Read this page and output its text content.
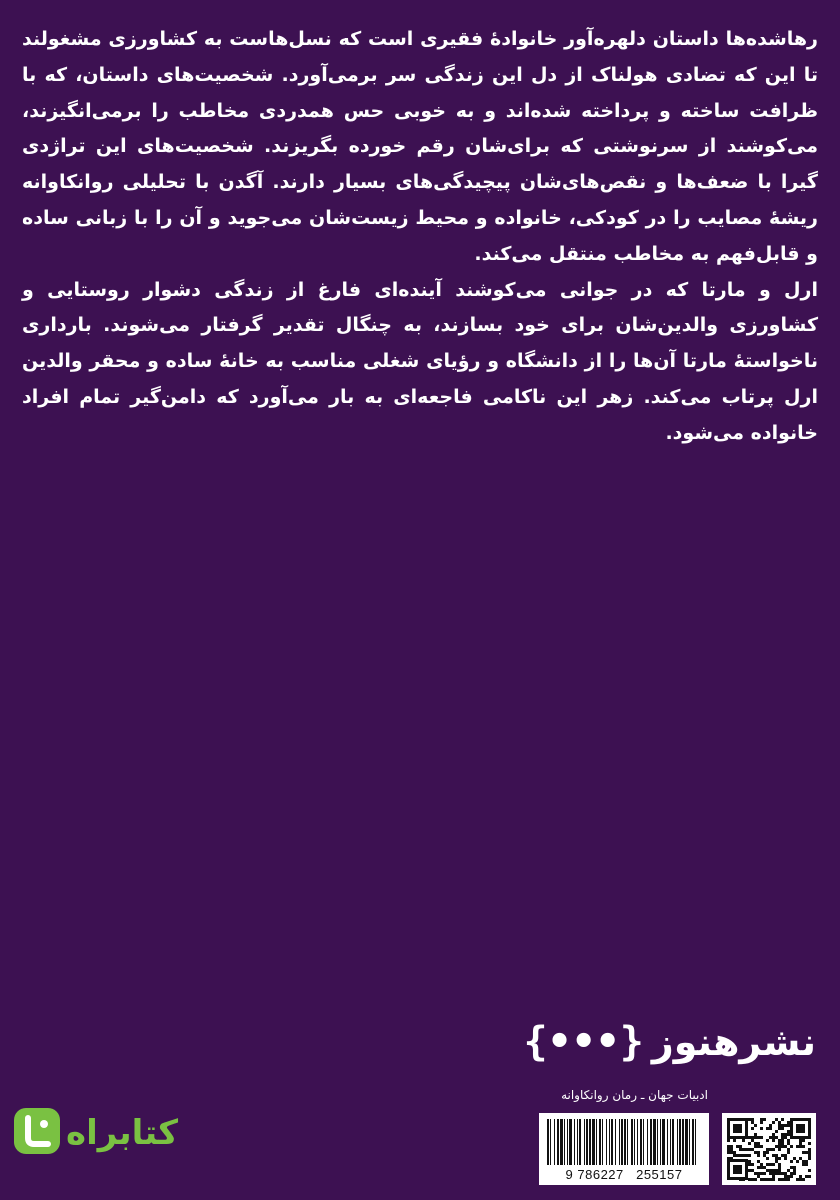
رهاشده‌ها داستان دلهره‌آور خانوادهٔ فقیری است که نسل‌هاست به کشاورزی مشغولند تا این که تضادی هولناک از دل این زندگی سر برمی‌آورد. شخصیت‌های داستان، که با ظرافت ساخته و پرداخته شده‌اند و به خوبی حس همدردی مخاطب را برمی‌انگیزند، می‌کوشند از سرنوشتی که برای‌شان رقم خورده بگریزند. شخصیت‌های این تراژدی گیرا با ضعف‌ها و نقص‌های‌شان پیچیدگی‌های بسیار دارند. آگدن با تحلیلی روانکاوانه ریشهٔ مصایب را در کودکی، خانواده و محیط زیست‌شان می‌جوید و آن را با زبانی ساده و قابل‌فهم به مخاطب منتقل می‌کند.

ارل و مارتا که در جوانی می‌کوشند آینده‌ای فارغ از زندگی دشوار روستایی و کشاورزی والدین‌شان برای خود بسازند، به چنگال تقدیر گرفتار می‌شوند. بارداری ناخواستهٔ مارتا آن‌ها را از دانشگاه و رؤیای شغلی مناسب به خانهٔ ساده و محقر والدین ارل پرتاب می‌کند. زهر این ناکامی فاجعه‌ای به بار می‌آورد که دامن‌گیر تمام افراد خانواده می‌شود.

نشرهنوز
{•••}
ادبیات جهان ـ رمان روانکاوانه
9 786227   255157
کتابراه
